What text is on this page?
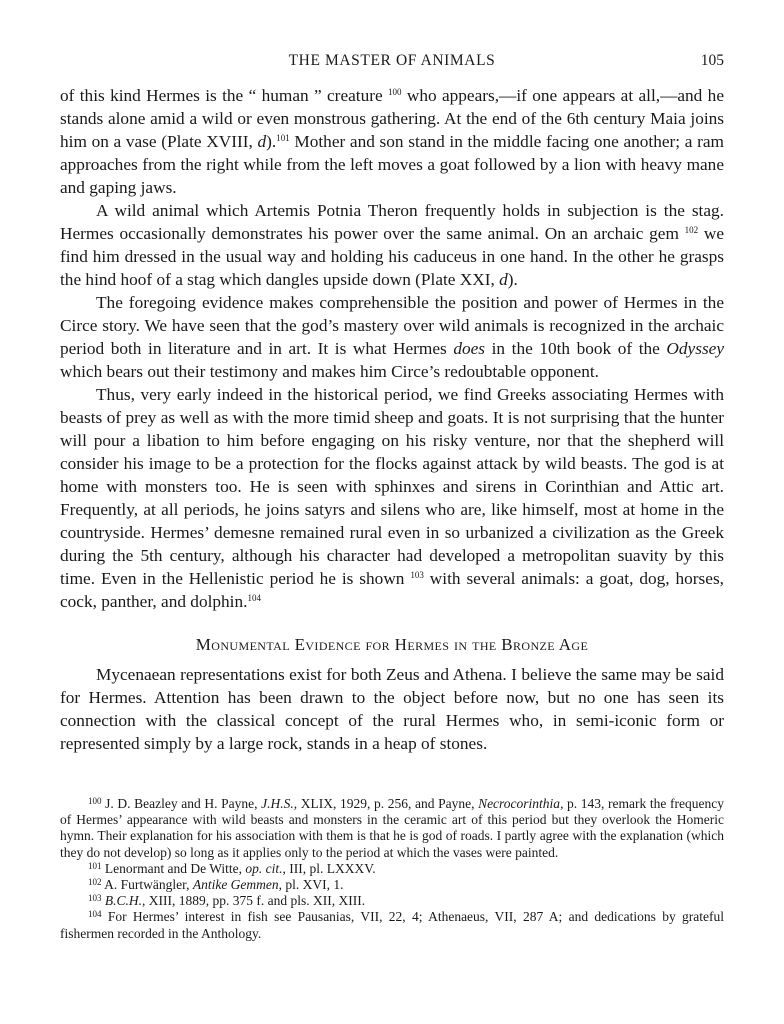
THE MASTER OF ANIMALS	105

of this kind Hermes is the “ human ” creature $^{100}$ who appears,—if one appears at all,—and he stands alone amid a wild or even monstrous gathering. At the end of the 6th century Maia joins him on a vase (Plate XVIII, d).$^{101}$ Mother and son stand in the middle facing one another; a ram approaches from the right while from the left moves a goat followed by a lion with heavy mane and gaping jaws.

A wild animal which Artemis Potnia Theron frequently holds in subjection is the stag. Hermes occasionally demonstrates his power over the same animal. On an archaic gem $^{102}$ we find him dressed in the usual way and holding his caduceus in one hand. In the other he grasps the hind hoof of a stag which dangles upside down (Plate XXI, d).

The foregoing evidence makes comprehensible the position and power of Hermes in the Circe story. We have seen that the god’s mastery over wild animals is recognized in the archaic period both in literature and in art. It is what Hermes does in the 10th book of the Odyssey which bears out their testimony and makes him Circe’s redoubtable opponent.

Thus, very early indeed in the historical period, we find Greeks associating Hermes with beasts of prey as well as with the more timid sheep and goats. It is not surprising that the hunter will pour a libation to him before engaging on his risky venture, nor that the shepherd will consider his image to be a protection for the flocks against attack by wild beasts. The god is at home with monsters too. He is seen with sphinxes and sirens in Corinthian and Attic art. Frequently, at all periods, he joins satyrs and silens who are, like himself, most at home in the countryside. Hermes’ demesne remained rural even in so urbanized a civilization as the Greek during the 5th century, although his character had developed a metropolitan suavity by this time. Even in the Hellenistic period he is shown $^{103}$ with several animals: a goat, dog, horses, cock, panther, and dolphin.$^{104}$

Monumental Evidence for Hermes in the Bronze Age

Mycenaean representations exist for both Zeus and Athena. I believe the same may be said for Hermes. Attention has been drawn to the object before now, but no one has seen its connection with the classical concept of the rural Hermes who, in semi-iconic form or represented simply by a large rock, stands in a heap of stones.

$^{100}$ J. D. Beazley and H. Payne, J.H.S., XLIX, 1929, p. 256, and Payne, Necrocorinthia, p. 143, remark the frequency of Hermes’ appearance with wild beasts and monsters in the ceramic art of this period but they overlook the Homeric hymn. Their explanation for his association with them is that he is god of roads. I partly agree with the explanation (which they do not develop) so long as it applies only to the period at which the vases were painted.

$^{101}$ Lenormant and De Witte, op. cit., III, pl. LXXXV.

$^{102}$ A. Furtwängler, Antike Gemmen, pl. XVI, 1.

$^{103}$ B.C.H., XIII, 1889, pp. 375 f. and pls. XII, XIII.

$^{104}$ For Hermes’ interest in fish see Pausanias, VII, 22, 4; Athenaeus, VII, 287 A; and dedications by grateful fishermen recorded in the Anthology.
